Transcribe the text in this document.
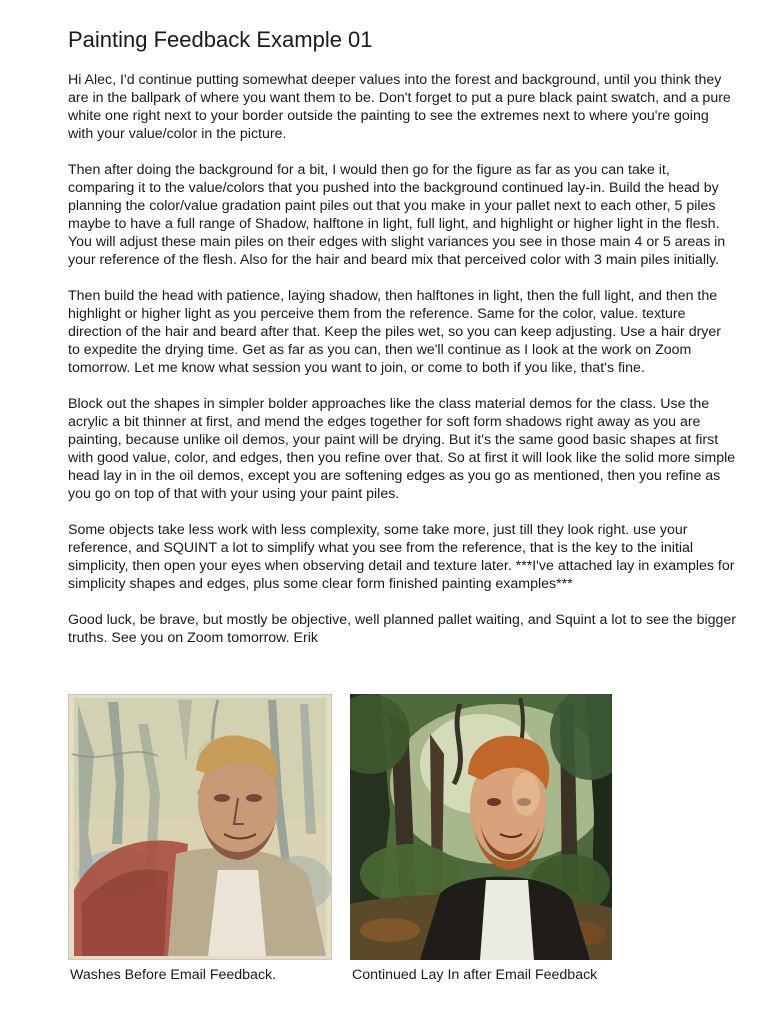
Painting Feedback Example 01

Hi Alec, I'd continue putting somewhat deeper values into the forest and background, until you think they are in the ballpark of where you want them to be. Don't forget to put a pure black paint swatch, and a pure white one right next to your border outside the painting to see the extremes next to where you're going with your value/color in the picture.

Then after doing the background for a bit, I would then go for the figure as far as you can take it, comparing it to the value/colors that you pushed into the background continued lay-in. Build the head by planning the color/value gradation paint piles out that you make in your pallet next to each other, 5 piles maybe to have a full range of Shadow, halftone in light, full light, and highlight or higher light in the flesh. You will adjust these main piles on their edges with slight variances you see in those main 4 or 5 areas in your reference of the flesh. Also for the hair and beard mix that perceived color with 3 main piles initially.

Then build the head with patience, laying shadow, then halftones in light, then the full light, and then the highlight or higher light as you perceive them from the reference. Same for the color, value. texture direction of the hair and beard after that. Keep the piles wet, so you can keep adjusting. Use a hair dryer to expedite the drying time. Get as far as you can, then we'll continue as I look at the work on Zoom tomorrow. Let me know what session you want to join, or come to both if you like, that's fine.

Block out the shapes in simpler bolder approaches like the class material demos for the class. Use the acrylic a bit thinner at first, and mend the edges together for soft form shadows right away as you are painting, because unlike oil demos, your paint will be drying. But it's the same good basic shapes at first with good value, color, and edges, then you refine over that. So at first it will look like the solid more simple head lay in in the oil demos, except you are softening edges as you go as mentioned, then you refine as you go on top of that with your using your paint piles.

Some objects take less work with less complexity, some take more, just till they look right. use your reference, and SQUINT a lot to simplify what you see from the reference, that is the key to the initial simplicity, then open your eyes when observing detail and texture later. ***I've attached lay in examples for simplicity shapes and edges, plus some clear form finished painting examples***

Good luck, be brave, but mostly be objective, well planned pallet waiting, and Squint a lot to see the bigger truths. See you on Zoom tomorrow. Erik

Washes Before Email Feedback.	Continued Lay In after Email Feedback
